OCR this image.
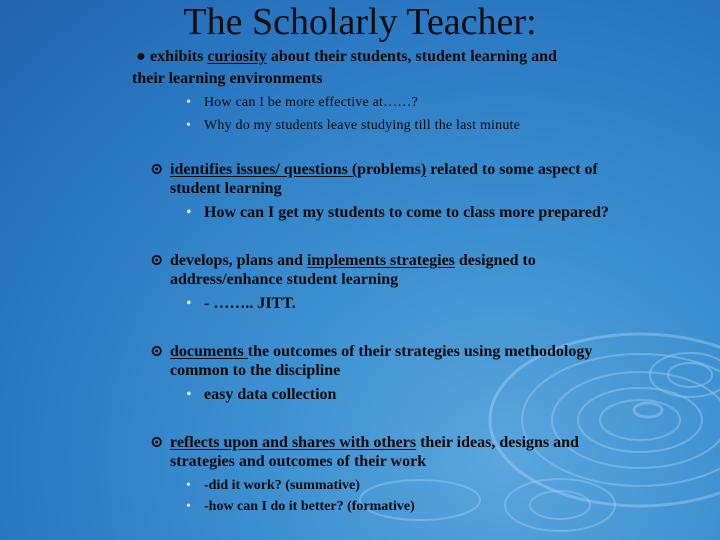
The Scholarly Teacher:
● exhibits curiosity about their students, student learning and
their learning environments
• How can I be more effective at……?
• Why do my students leave studying till the last minute
⊙ identifies issues/ questions (problems) related to some aspect of
student learning
• How can I get my students to come to class more prepared?
⊙ develops, plans and implements strategies designed to
address/enhance student learning
• - …….. JITT.
⊙ documents the outcomes of their strategies using methodology
common to the discipline
• easy data collection
⊙ reflects upon and shares with others their ideas, designs and
strategies and outcomes of their work
• -did it work? (summative)
• -how can I do it better? (formative)
